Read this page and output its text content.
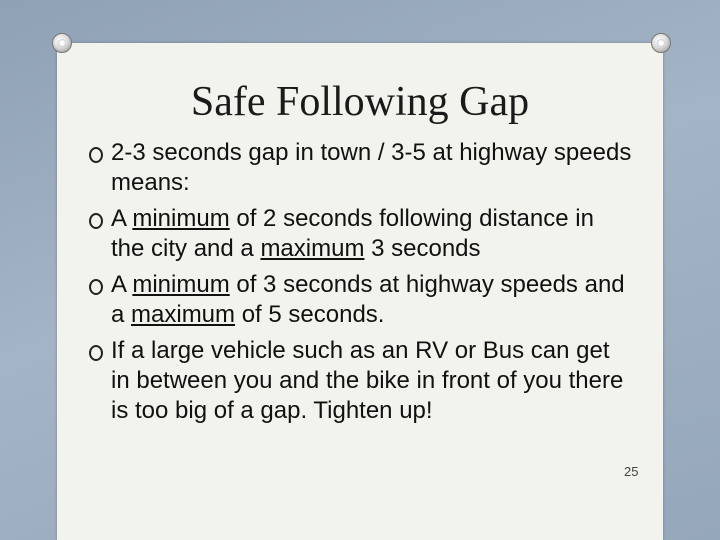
Safe Following Gap
2-3 seconds gap in town / 3-5 at highway speeds means:
A minimum of 2 seconds following distance in the city and a maximum 3 seconds
A minimum of 3 seconds at highway speeds and a maximum of 5 seconds.
If a large vehicle such as an RV or Bus can get in between you and the bike in front of you there is too big of a gap. Tighten up!
25
